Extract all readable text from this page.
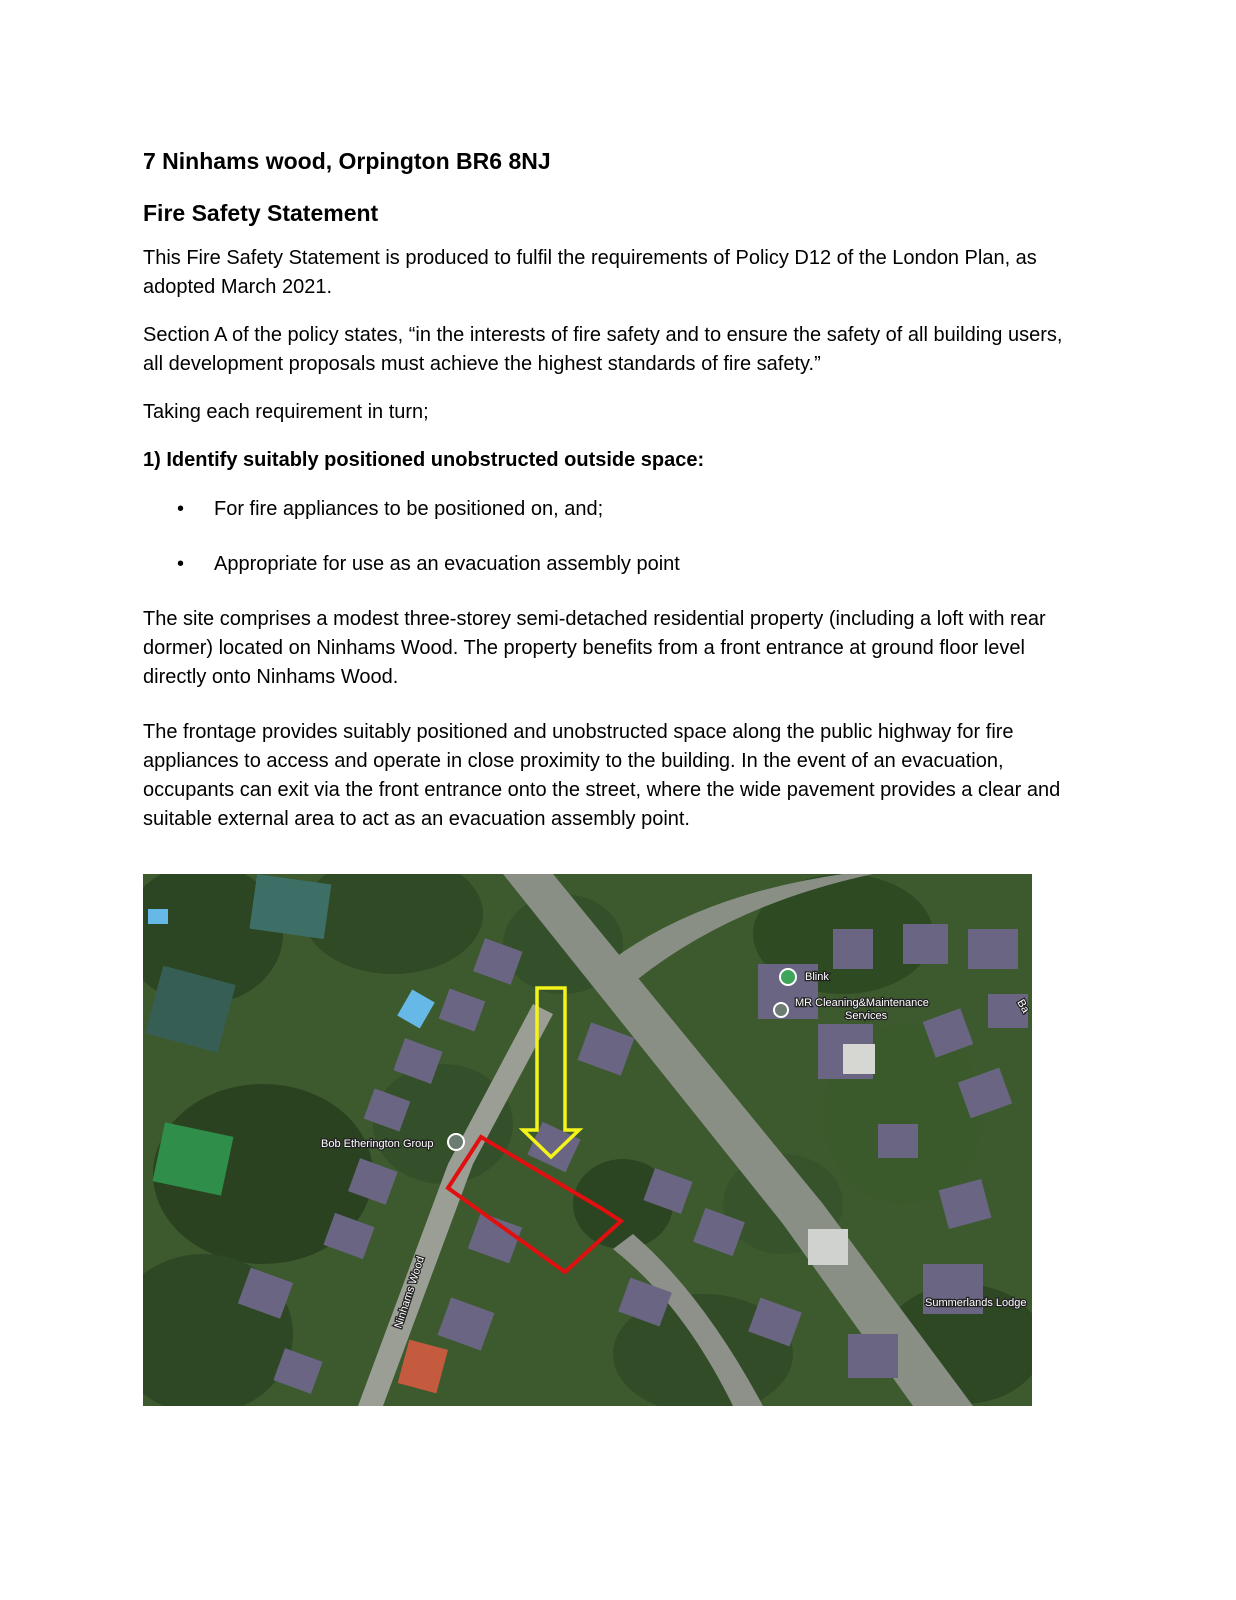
7 Ninhams wood, Orpington BR6 8NJ
Fire Safety Statement

This Fire Safety Statement is produced to fulfil the requirements of Policy D12 of the London Plan, as adopted March 2021.

Section A of the policy states, “in the interests of fire safety and to ensure the safety of all building users, all development proposals must achieve the highest standards of fire safety.”

Taking each requirement in turn;

1) Identify suitably positioned unobstructed outside space:

• For fire appliances to be positioned on, and;
• Appropriate for use as an evacuation assembly point

The site comprises a modest three-storey semi-detached residential property (including a loft with rear dormer) located on Ninhams Wood. The property benefits from a front entrance at ground floor level directly onto Ninhams Wood.

The frontage provides suitably positioned and unobstructed space along the public highway for fire appliances to access and operate in close proximity to the building. In the event of an evacuation, occupants can exit via the front entrance onto the street, where the wide pavement provides a clear and suitable external area to act as an evacuation assembly point.

Blink
MR Cleaning&Maintenance
Services
Bob Etherington Group
Summerlands Lodge
Ba
Ninhams Wood
